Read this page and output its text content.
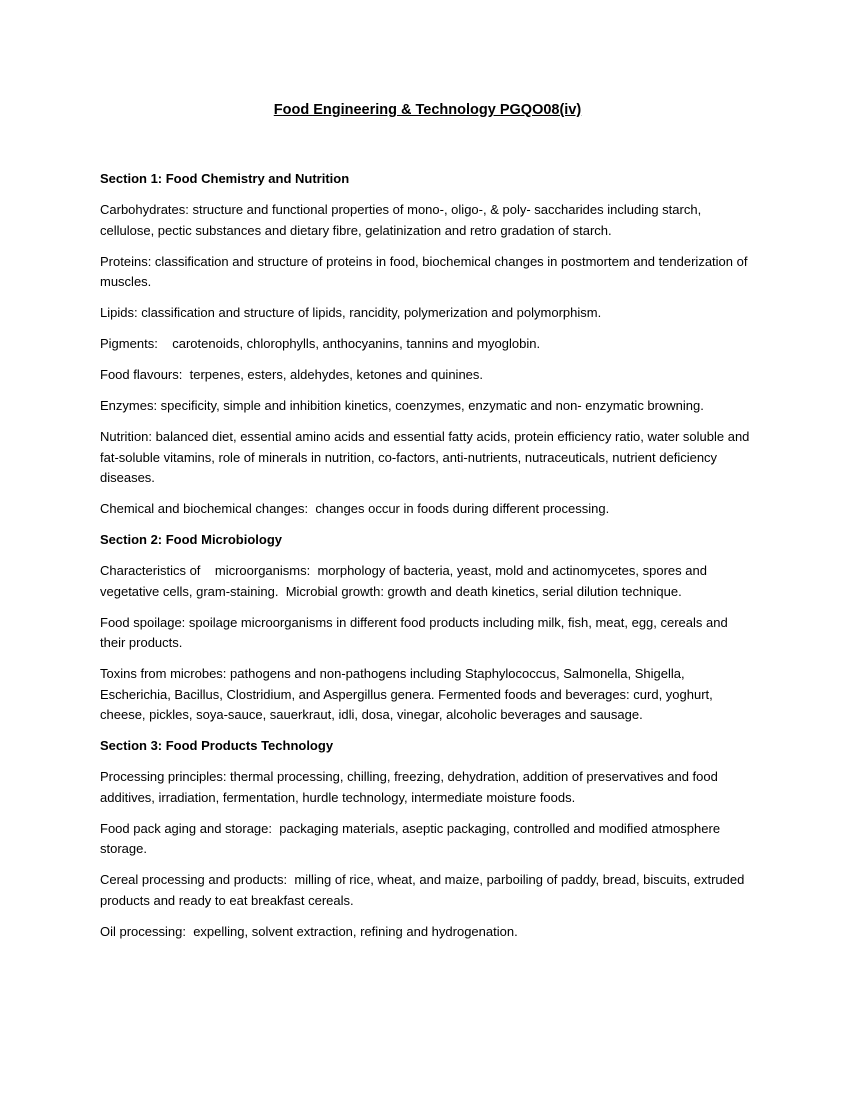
Food Engineering & Technology PGQO08(iv)
Section 1: Food Chemistry and Nutrition
Carbohydrates: structure and functional properties of mono-, oligo-, & poly- saccharides including starch, cellulose, pectic substances and dietary fibre, gelatinization and retro gradation of starch.
Proteins: classification and structure of proteins in food, biochemical changes in postmortem and tenderization of muscles.
Lipids: classification and structure of lipids, rancidity, polymerization and polymorphism.
Pigments:    carotenoids, chlorophylls, anthocyanins, tannins and myoglobin.
Food flavours:  terpenes, esters, aldehydes, ketones and quinines.
Enzymes: specificity, simple and inhibition kinetics, coenzymes, enzymatic and non- enzymatic browning.
Nutrition: balanced diet, essential amino acids and essential fatty acids, protein efficiency ratio, water soluble and fat-soluble vitamins, role of minerals in nutrition, co-factors, anti-nutrients, nutraceuticals, nutrient deficiency diseases.
Chemical and biochemical changes:  changes occur in foods during different processing.
Section 2: Food Microbiology
Characteristics of    microorganisms:  morphology of bacteria, yeast, mold and actinomycetes, spores and vegetative cells, gram-staining.  Microbial growth: growth and death kinetics, serial dilution technique.
Food spoilage: spoilage microorganisms in different food products including milk, fish, meat, egg, cereals and their products.
Toxins from microbes: pathogens and non-pathogens including Staphylococcus, Salmonella, Shigella, Escherichia, Bacillus, Clostridium, and Aspergillus genera. Fermented foods and beverages: curd, yoghurt, cheese, pickles, soya-sauce, sauerkraut, idli, dosa, vinegar, alcoholic beverages and sausage.
Section 3: Food Products Technology
Processing principles: thermal processing, chilling, freezing, dehydration, addition of preservatives and food additives, irradiation, fermentation, hurdle technology, intermediate moisture foods.
Food pack aging and storage:  packaging materials, aseptic packaging, controlled and modified atmosphere storage.
Cereal processing and products:  milling of rice, wheat, and maize, parboiling of paddy, bread, biscuits, extruded products and ready to eat breakfast cereals.
Oil processing:  expelling, solvent extraction, refining and hydrogenation.
